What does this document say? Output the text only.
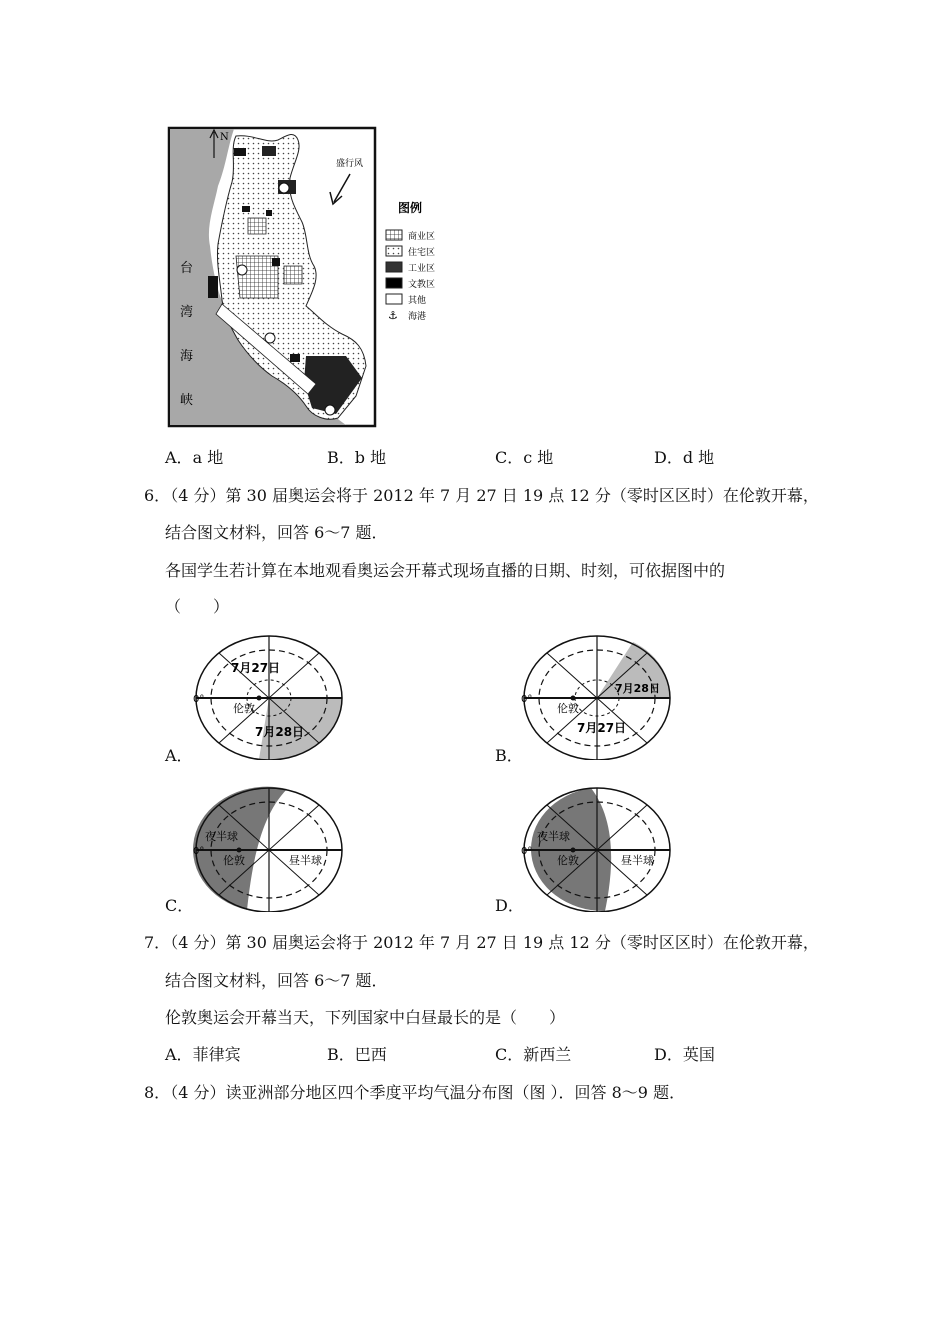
N
盛行风
台
湾
海
峡
图例
商业区
住宅区
工业区
文教区
其他
⚓ 海港
A．a 地	B．b 地	C．c 地	D．d 地
6．（4 分）第 30 届奥运会将于 2012 年 7 月 27 日 19 点 12 分（零时区区时）在伦敦开幕，
结合图文材料，回答 6～7 题．
各国学生若计算在本地观看奥运会开幕式现场直播的日期、时刻，可依据图中的
（　　）
A．
0°
伦敦
7月27日
7月28日
B．
0°
伦敦
7月28日
7月27日
C．
0°
夜半球
伦敦	昼半球
D．
0°
夜半球
伦敦	昼半球
7．（4 分）第 30 届奥运会将于 2012 年 7 月 27 日 19 点 12 分（零时区区时）在伦敦开幕，
结合图文材料，回答 6～7 题．
伦敦奥运会开幕当天，下列国家中白昼最长的是（　　）
A．菲律宾	B．巴西	C．新西兰	D．英国
8．（4 分）读亚洲部分地区四个季度平均气温分布图（图 ）．回答 8～9 题．
